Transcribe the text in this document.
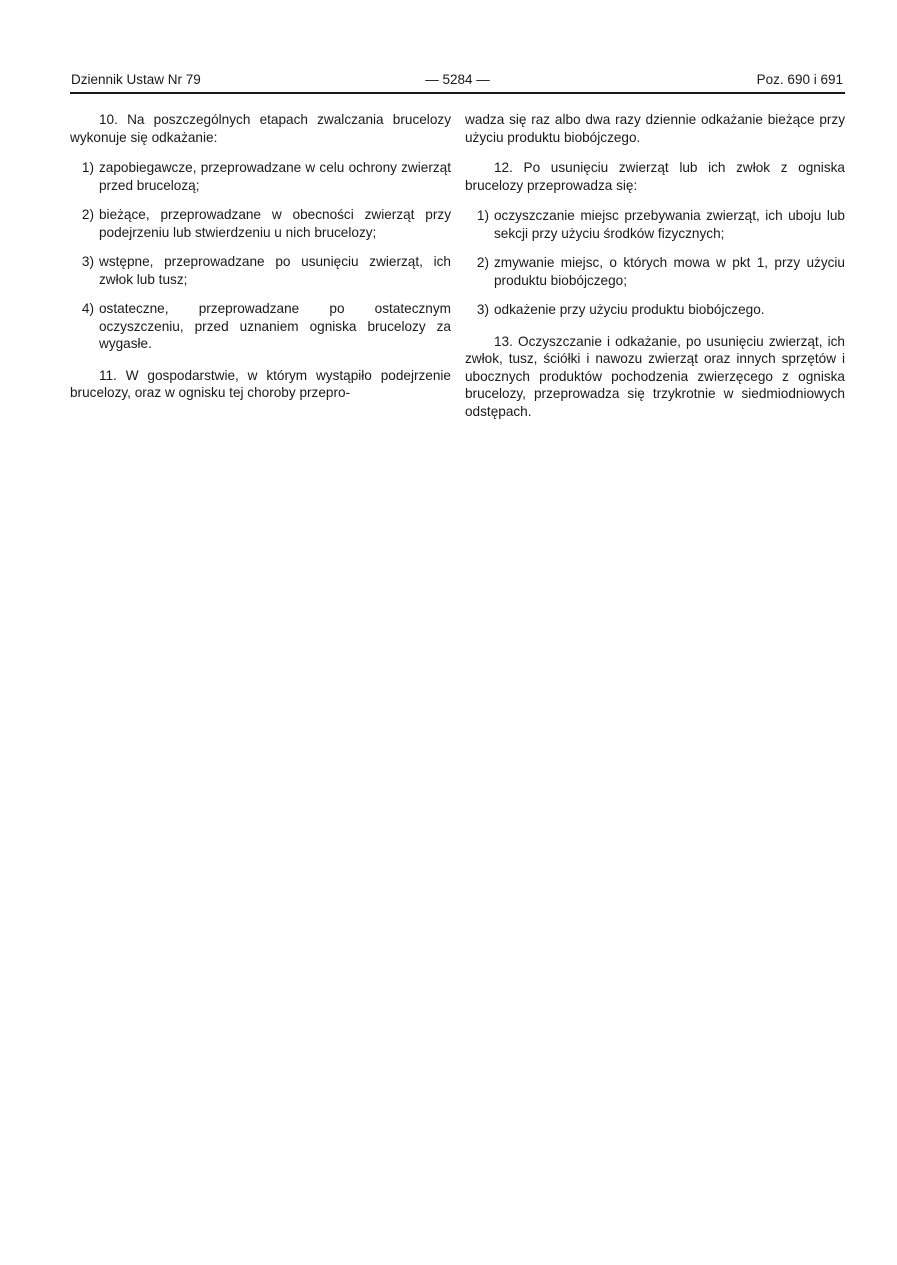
Dziennik Ustaw Nr 79	— 5284 —	Poz. 690 i 691

10. Na poszczególnych etapach zwalczania brucelozy wykonuje się odkażanie:

1) zapobiegawcze, przeprowadzane w celu ochrony zwierząt przed brucelozą;
2) bieżące, przeprowadzane w obecności zwierząt przy podejrzeniu lub stwierdzeniu u nich brucelozy;
3) wstępne, przeprowadzane po usunięciu zwierząt, ich zwłok lub tusz;
4) ostateczne, przeprowadzane po ostatecznym oczyszczeniu, przed uznaniem ogniska brucelozy za wygasłe.

11. W gospodarstwie, w którym wystąpiło podejrzenie brucelozy, oraz w ognisku tej choroby przepro-

wadza się raz albo dwa razy dziennie odkażanie bieżące przy użyciu produktu biobójczego.

12. Po usunięciu zwierząt lub ich zwłok z ogniska brucelozy przeprowadza się:

1) oczyszczanie miejsc przebywania zwierząt, ich uboju lub sekcji przy użyciu środków fizycznych;
2) zmywanie miejsc, o których mowa w pkt 1, przy użyciu produktu biobójczego;
3) odkażenie przy użyciu produktu biobójczego.

13. Oczyszczanie i odkażanie, po usunięciu zwierząt, ich zwłok, tusz, ściółki i nawozu zwierząt oraz innych sprzętów i ubocznych produktów pochodzenia zwierzęcego z ogniska brucelozy, przeprowadza się trzykrotnie w siedmiodniowych odstępach.
